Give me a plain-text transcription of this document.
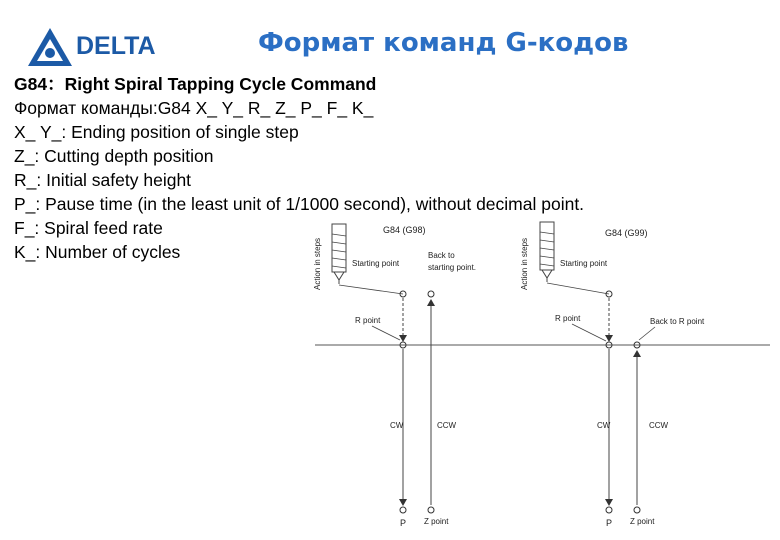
DELTA	Формат команд G-кодов
G84：Right Spiral Tapping Cycle Command
Формат команды:G84 X_ Y_ R_ Z_ P_ F_ K_
X_ Y_: Ending position of single step
Z_: Cutting depth position
R_: Initial safety height
P_: Pause time (in the least unit of 1/1000 second), without decimal point.
F_: Spiral feed rate
K_: Number of cycles	Action in steps
G84 (G98)
Starting point
Back to
starting point.
R point
CW	CCW
P Z point
Action in steps
G84 (G99)
Starting point
R point	Back to R point
CW	CCW
P Z point
